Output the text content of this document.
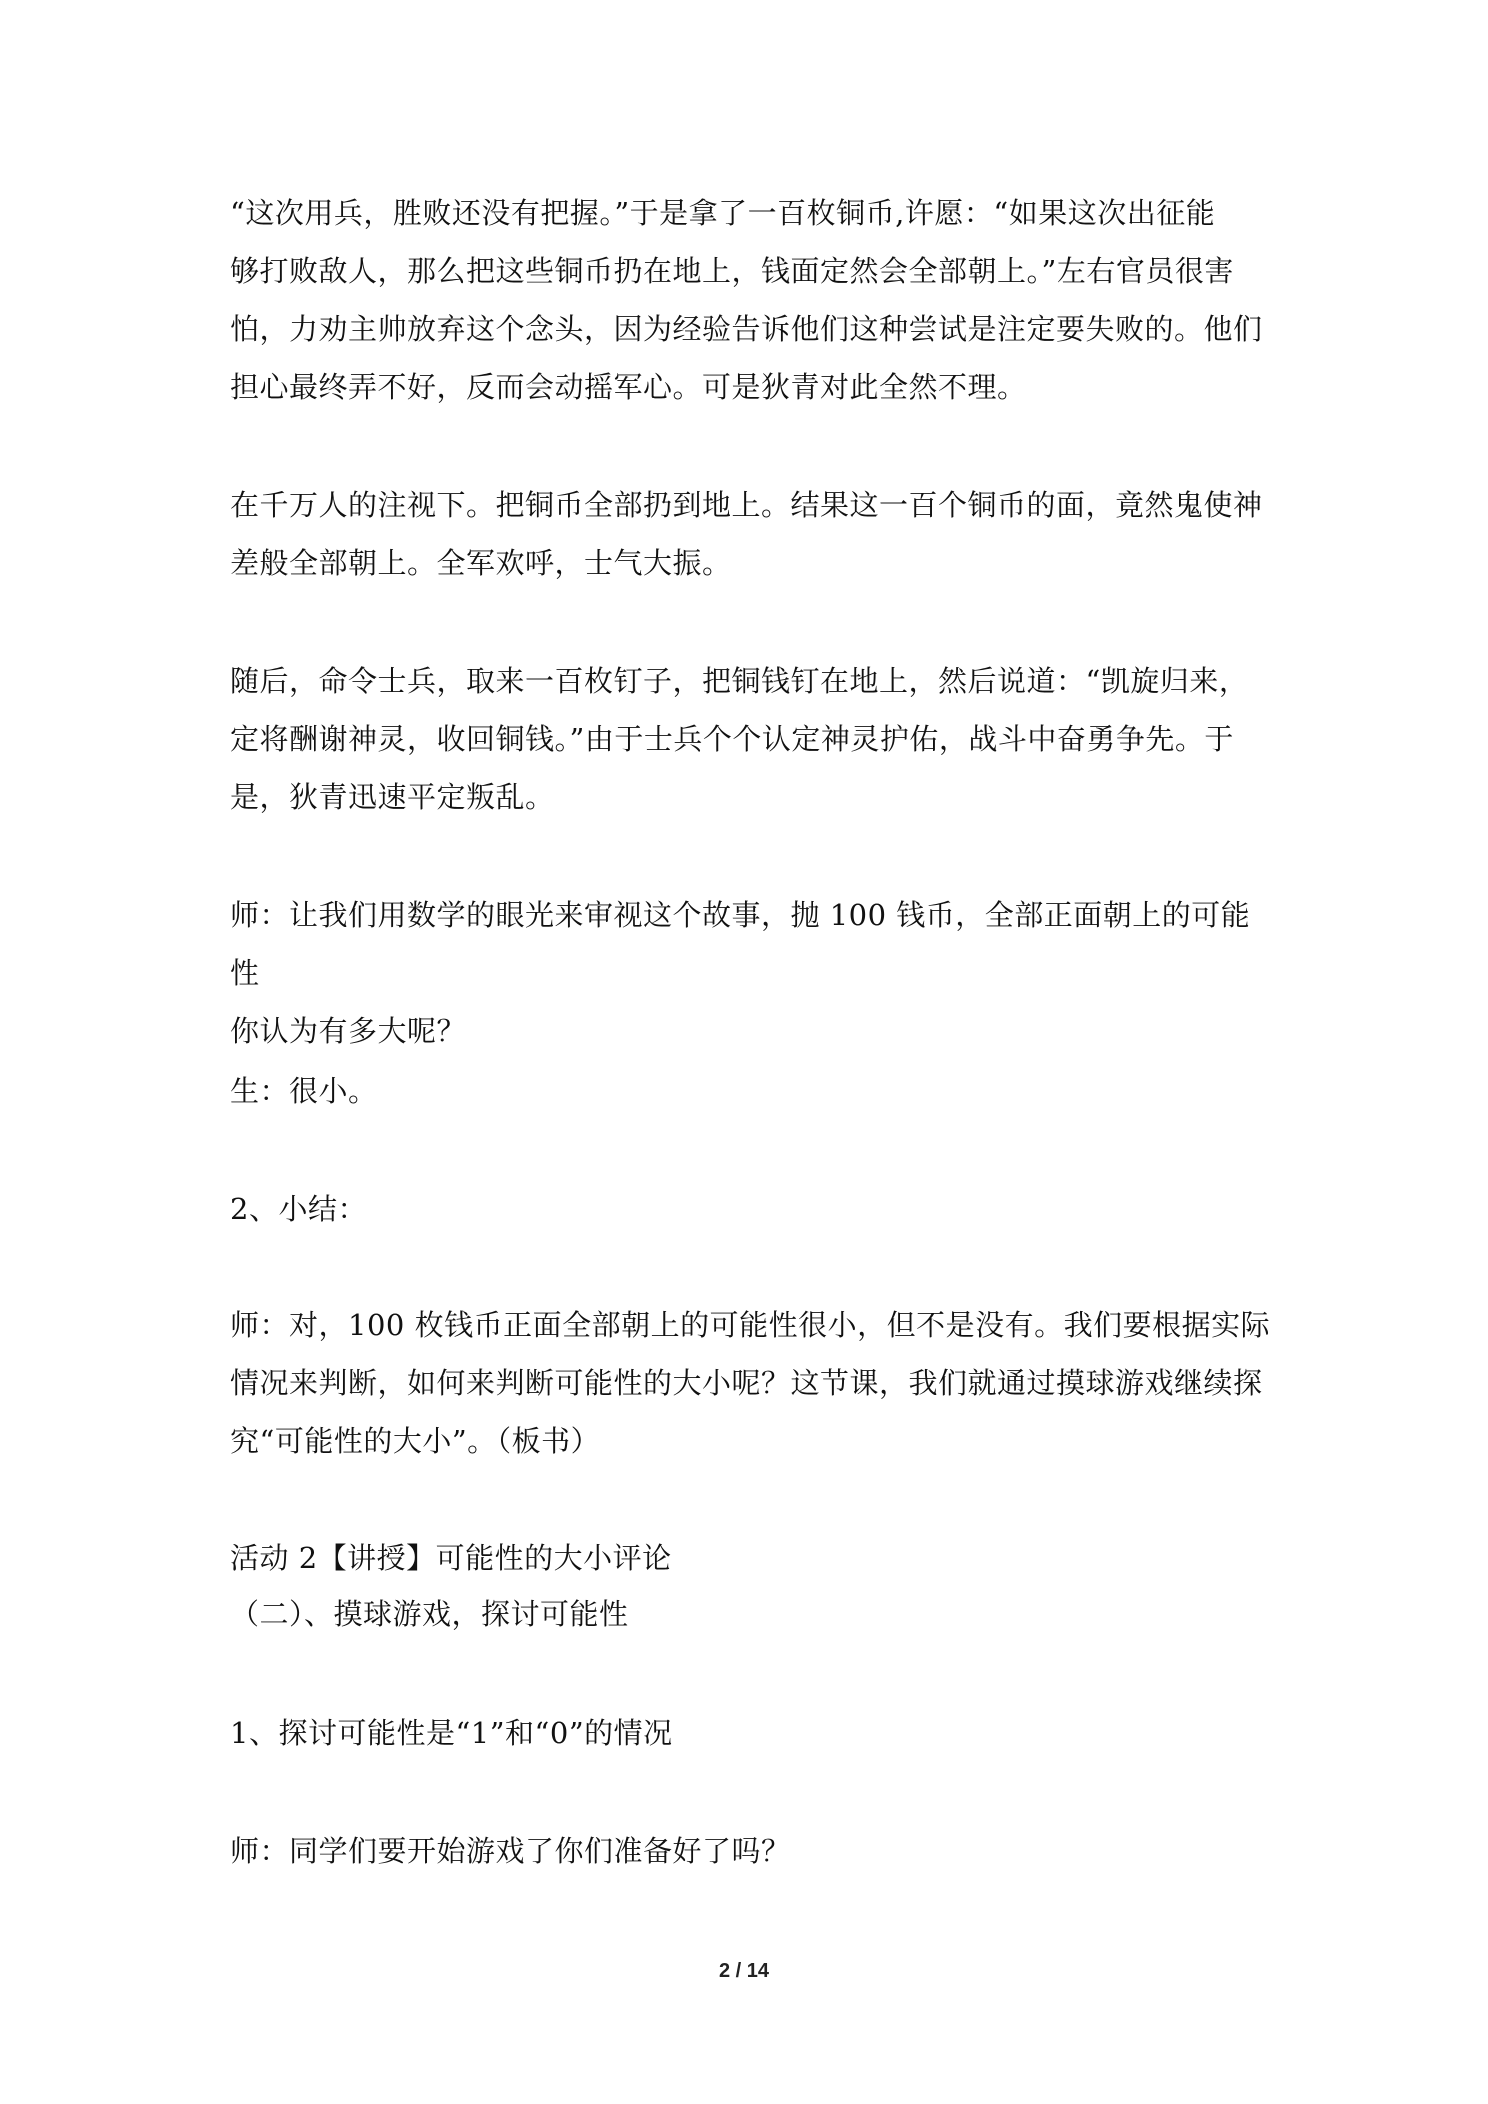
“这次用兵，胜败还没有把握。”于是拿了一百枚铜币,许愿：“如果这次出征能
够打败敌人，那么把这些铜币扔在地上，钱面定然会全部朝上。”左右官员很害
怕，力劝主帅放弃这个念头，因为经验告诉他们这种尝试是注定要失败的。他们
担心最终弄不好，反而会动摇军心。可是狄青对此全然不理。

在千万人的注视下。把铜币全部扔到地上。结果这一百个铜币的面，竟然鬼使神
差般全部朝上。全军欢呼，士气大振。

随后，命令士兵，取来一百枚钉子，把铜钱钉在地上，然后说道：“凯旋归来，
定将酬谢神灵，收回铜钱。”由于士兵个个认定神灵护佑，战斗中奋勇争先。于
是，狄青迅速平定叛乱。

师：让我们用数学的眼光来审视这个故事，抛 100 钱币，全部正面朝上的可能性
你认为有多大呢？

生：很小。

2、小结：

师：对，100 枚钱币正面全部朝上的可能性很小，但不是没有。我们要根据实际
情况来判断，如何来判断可能性的大小呢？这节课，我们就通过摸球游戏继续探
究“可能性的大小”。（板书）

活动 2【讲授】可能性的大小评论
（二）、摸球游戏，探讨可能性

1、探讨可能性是“1”和“0”的情况

师：同学们要开始游戏了你们准备好了吗？

2 / 14
